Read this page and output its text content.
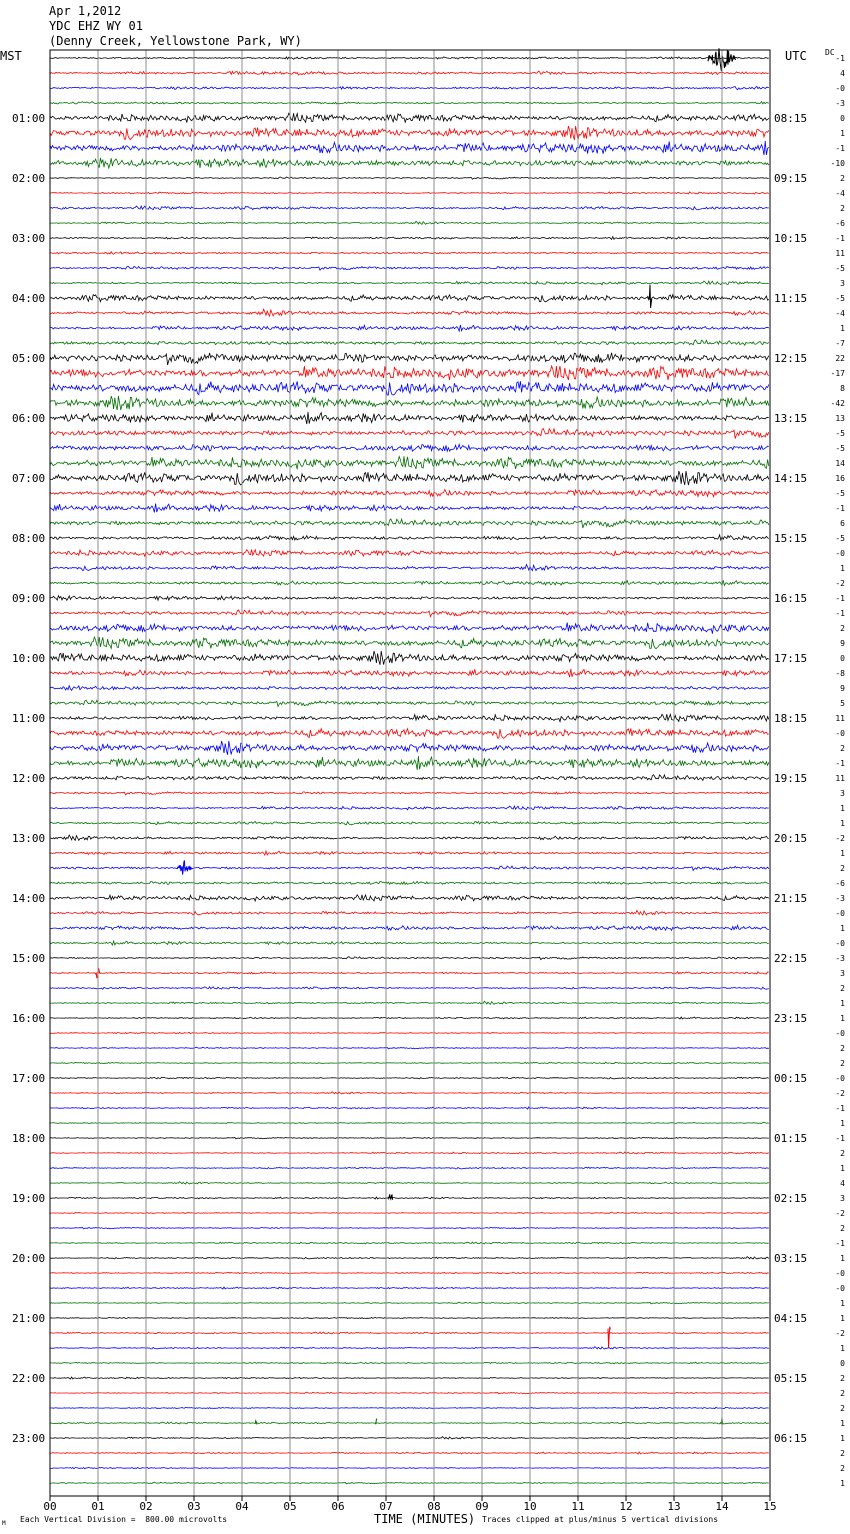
Apr 1,2012
YDC EHZ WY 01
(Denny Creek, Yellowstone Park, WY)
MST	UTC DC
00	01	02	03	04	05	06	07	08	09	10	11	12	13	14	15
01:00
02:00
03:00
04:00
05:00
06:00
07:00
08:00
09:00
10:00
11:00
12:00
13:00
14:00
15:00
16:00
17:00
18:00
19:00
20:00
21:00
22:00
23:00
08:15
09:15
10:15
11:15
12:15
13:15
14:15
15:15
16:15
17:15
18:15
19:15
20:15
21:15
22:15
23:15
00:15
01:15
02:15
03:15
04:15
05:15
06:15
-1
4
-0
-3
0
1
-1
-10
2
-4
2
-6
-1
11
-5
3
-5
-4
1
-7
22
-17
8
-42
13
-5
-5
14
16
-5
-1
6
-5
-0
1
-2
-1
-1
2
9
0
-8
9
5
11
-0
2
-1
11
3
1
1
-2
1
2
-6
-3
-0
1
-0
-3
3
2
1
1
-0
2
2
-0
-2
-1
1
-1
2
1
4
3
-2
2
-1
1
-0
-0
1
1
-2
1
0
2
2
2
1
1
2
2
1
TIME (MINUTES)
M Each Vertical Division =  800.00 microvolts	Traces clipped at plus/minus 5 vertical divisions
